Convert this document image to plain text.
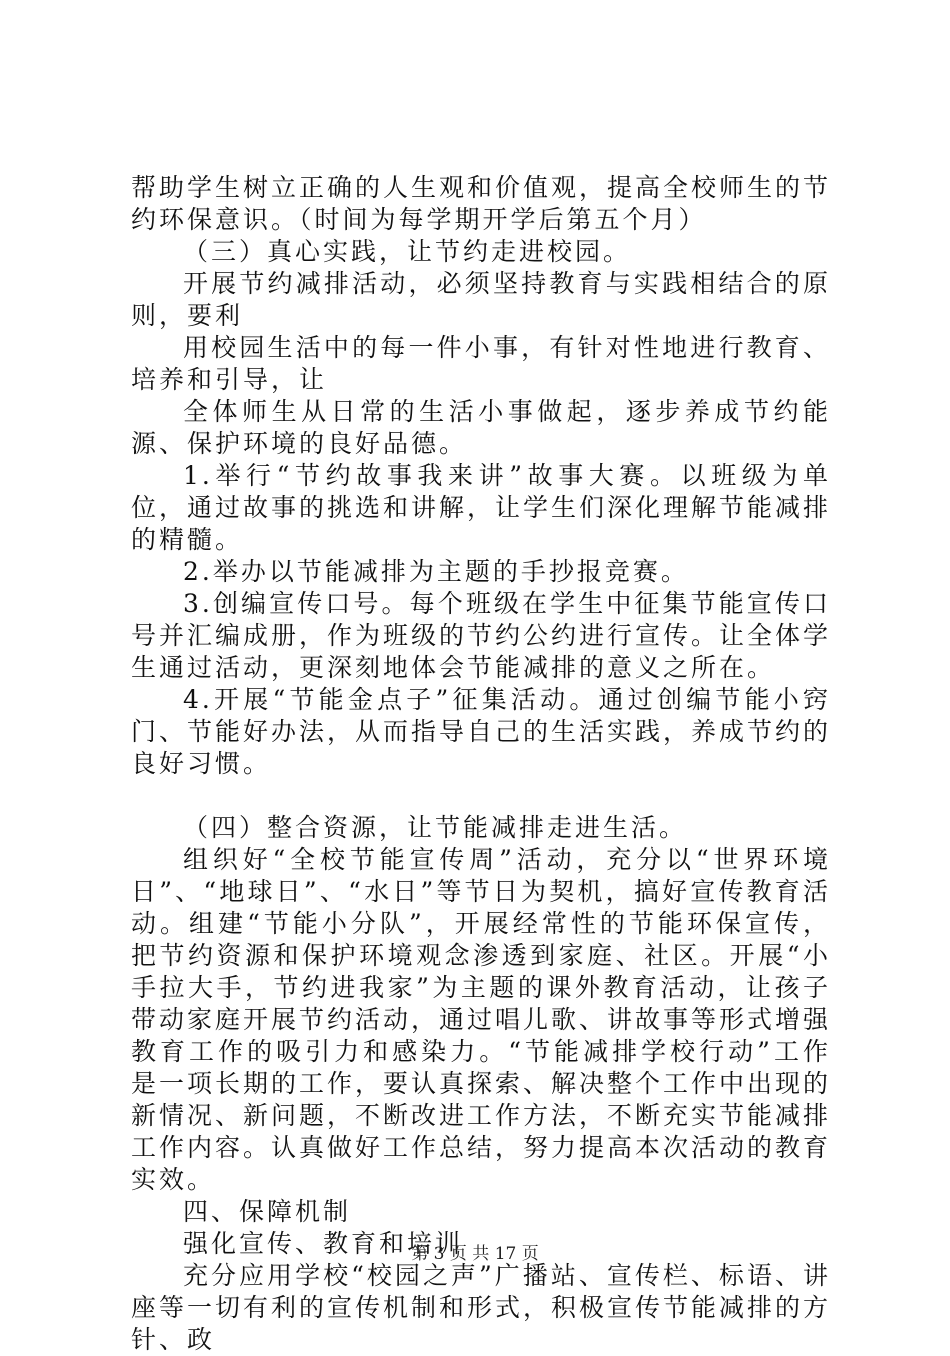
帮助学生树立正确的人生观和价值观，提高全校师生的节约环保意识。（时间为每学期开学后第五个月）

（三）真心实践，让节约走进校园。

开展节约减排活动，必须坚持教育与实践相结合的原则，要利

用校园生活中的每一件小事，有针对性地进行教育、培养和引导，让

全体师生从日常的生活小事做起，逐步养成节约能源、保护环境的良好品德。

1.举行“节约故事我来讲”故事大赛。以班级为单位，通过故事的挑选和讲解，让学生们深化理解节能减排的精髓。

2.举办以节能减排为主题的手抄报竞赛。

3.创编宣传口号。每个班级在学生中征集节能宣传口号并汇编成册，作为班级的节约公约进行宣传。让全体学生通过活动，更深刻地体会节能减排的意义之所在。

4.开展“节能金点子”征集活动。通过创编节能小窍门、节能好办法，从而指导自己的生活实践，养成节约的良好习惯。

（四）整合资源，让节能减排走进生活。

组织好“全校节能宣传周”活动，充分以“世界环境日”、“地球日”、“水日”等节日为契机，搞好宣传教育活动。组建“节能小分队”，开展经常性的节能环保宣传，把节约资源和保护环境观念渗透到家庭、社区。开展“小手拉大手，节约进我家”为主题的课外教育活动，让孩子带动家庭开展节约活动，通过唱儿歌、讲故事等形式增强教育工作的吸引力和感染力。“节能减排学校行动”工作是一项长期的工作，要认真探索、解决整个工作中出现的新情况、新问题，不断改进工作方法，不断充实节能减排工作内容。认真做好工作总结，努力提高本次活动的教育实效。

四、保障机制

强化宣传、教育和培训

充分应用学校“校园之声”广播站、宣传栏、标语、讲座等一切有利的宣传机制和形式，积极宣传节能减排的方针、政

第 3 页 共 17 页
